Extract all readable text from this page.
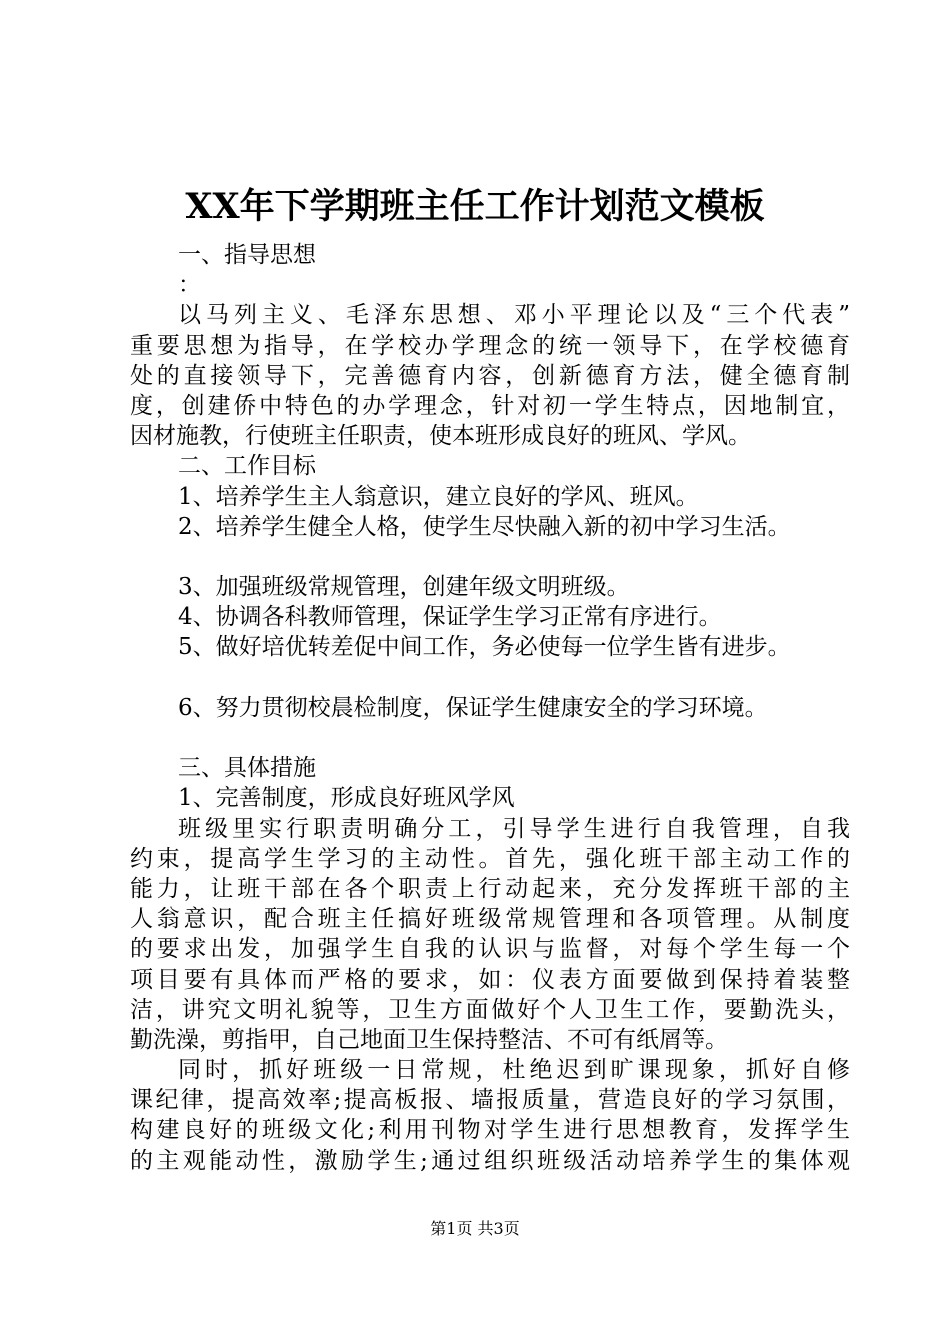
XX年下学期班主任工作计划范文模板
一、指导思想
：
以马列主义、毛泽东思想、邓小平理论以及“三个代表”
重要思想为指导，在学校办学理念的统一领导下，在学校德育
处的直接领导下，完善德育内容，创新德育方法，健全德育制
度，创建侨中特色的办学理念，针对初一学生特点，因地制宜，
因材施教，行使班主任职责，使本班形成良好的班风、学风。
二、工作目标
1、培养学生主人翁意识，建立良好的学风、班风。
2、培养学生健全人格，使学生尽快融入新的初中学习生活。
3、加强班级常规管理，创建年级文明班级。
4、协调各科教师管理，保证学生学习正常有序进行。
5、做好培优转差促中间工作，务必使每一位学生皆有进步。
6、努力贯彻校晨检制度，保证学生健康安全的学习环境。
三、具体措施
1、完善制度，形成良好班风学风
班级里实行职责明确分工，引导学生进行自我管理，自我
约束，提高学生学习的主动性。首先，强化班干部主动工作的
能力，让班干部在各个职责上行动起来，充分发挥班干部的主
人翁意识，配合班主任搞好班级常规管理和各项管理。从制度
的要求出发，加强学生自我的认识与监督，对每个学生每一个
项目要有具体而严格的要求，如：仪表方面要做到保持着装整
洁，讲究文明礼貌等，卫生方面做好个人卫生工作，要勤洗头，
勤洗澡，剪指甲，自己地面卫生保持整洁、不可有纸屑等。
同时，抓好班级一日常规，杜绝迟到旷课现象，抓好自修
课纪律，提高效率;提高板报、墙报质量，营造良好的学习氛围，
构建良好的班级文化;利用刊物对学生进行思想教育，发挥学生
的主观能动性，激励学生;通过组织班级活动培养学生的集体观
第1页 共3页
